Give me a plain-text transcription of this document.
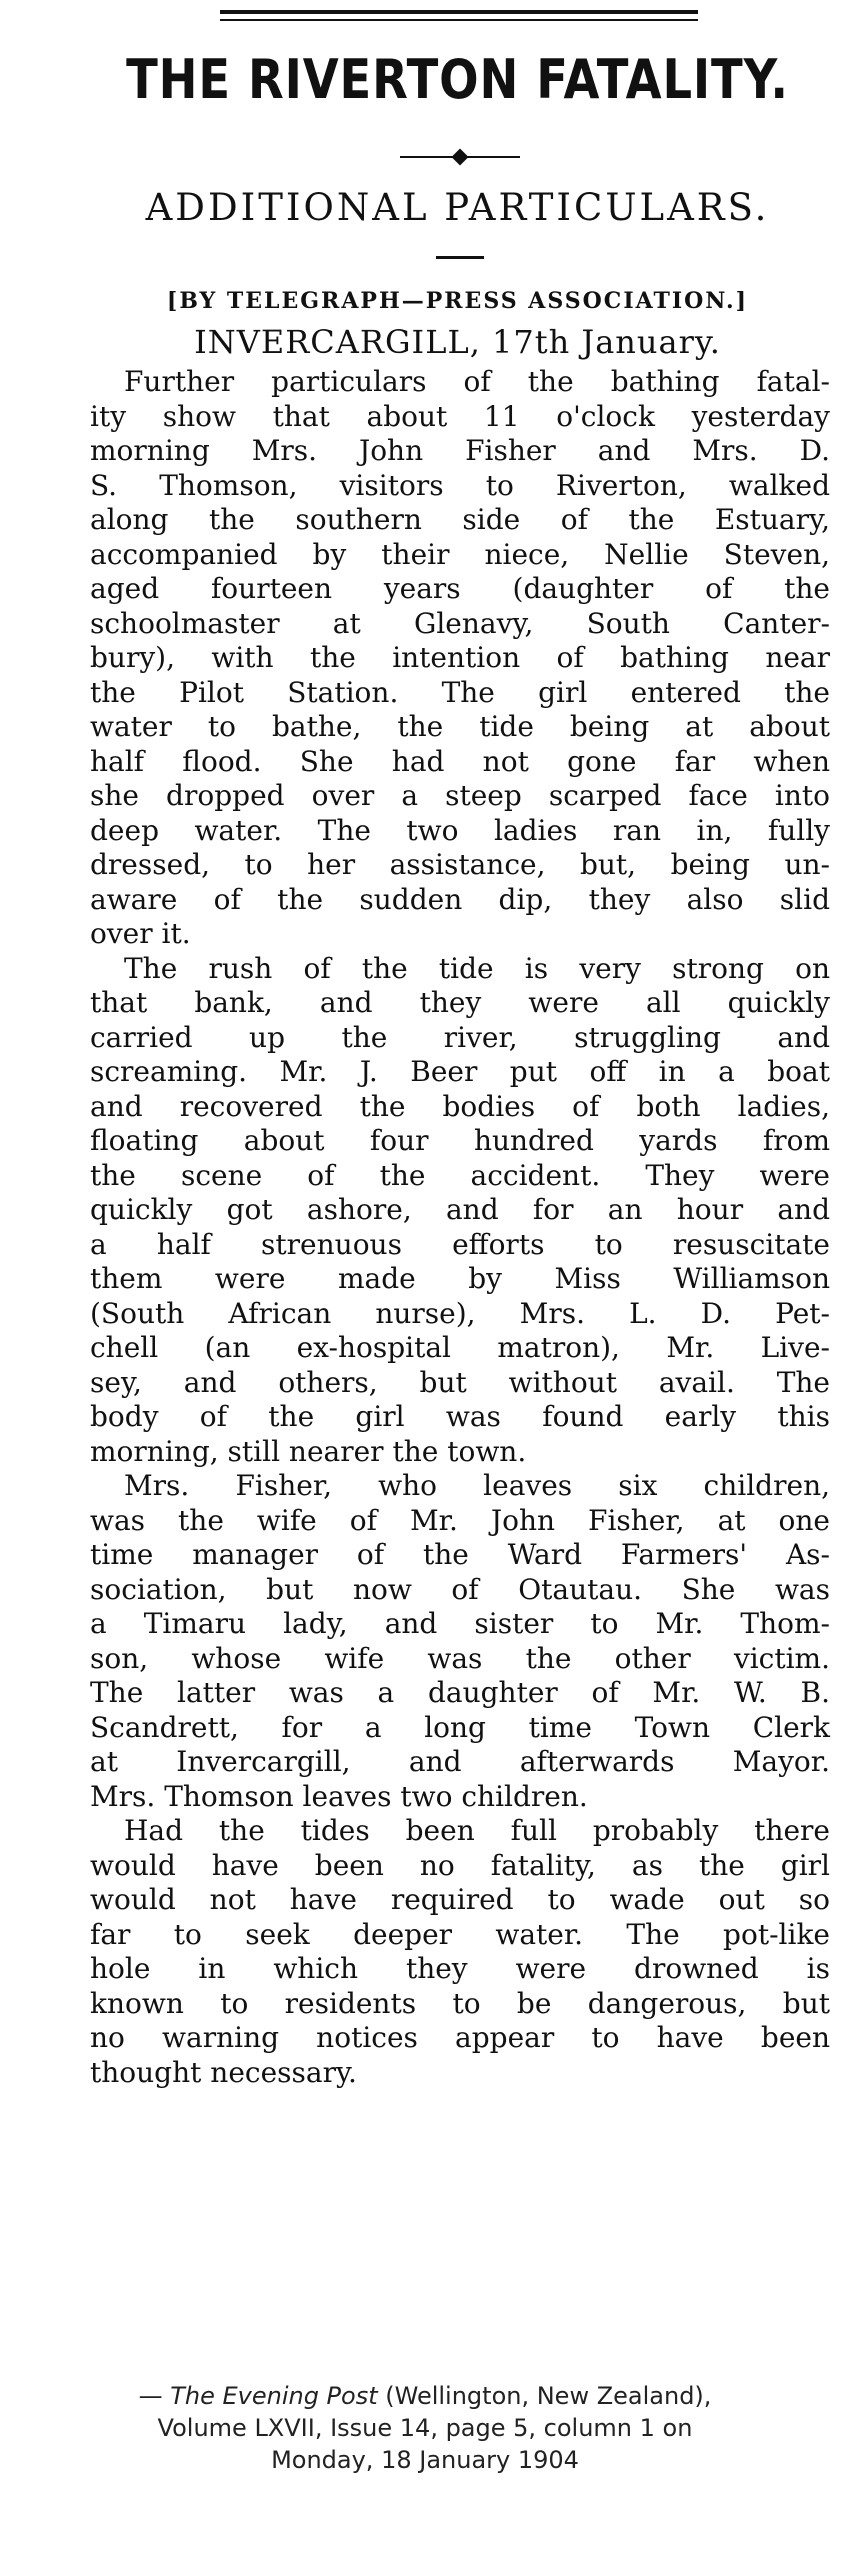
THE RIVERTON FATALITY.
ADDITIONAL PARTICULARS.
[BY TELEGRAPH—PRESS ASSOCIATION.]
INVERCARGILL, 17th January.
Further particulars of the bathing fatal-
ity show that about 11 o'clock yesterday
morning Mrs. John Fisher and Mrs. D.
S. Thomson, visitors to Riverton, walked
along the southern side of the Estuary,
accompanied by their niece, Nellie Steven,
aged fourteen years (daughter of the
schoolmaster at Glenavy, South Canter-
bury), with the intention of bathing near
the Pilot Station. The girl entered the
water to bathe, the tide being at about
half flood. She had not gone far when
she dropped over a steep scarped face into
deep water. The two ladies ran in, fully
dressed, to her assistance, but, being un-
aware of the sudden dip, they also slid
over it.
The rush of the tide is very strong on
that bank, and they were all quickly
carried up the river, struggling and
screaming. Mr. J. Beer put off in a boat
and recovered the bodies of both ladies,
floating about four hundred yards from
the scene of the accident. They were
quickly got ashore, and for an hour and
a half strenuous efforts to resuscitate
them were made by Miss Williamson
(South African nurse), Mrs. L. D. Pet-
chell (an ex-hospital matron), Mr. Live-
sey, and others, but without avail. The
body of the girl was found early this
morning, still nearer the town.
Mrs. Fisher, who leaves six children,
was the wife of Mr. John Fisher, at one
time manager of the Ward Farmers' As-
sociation, but now of Otautau. She was
a Timaru lady, and sister to Mr. Thom-
son, whose wife was the other victim.
The latter was a daughter of Mr. W. B.
Scandrett, for a long time Town Clerk
at Invercargill, and afterwards Mayor.
Mrs. Thomson leaves two children.
Had the tides been full probably there
would have been no fatality, as the girl
would not have required to wade out so
far to seek deeper water. The pot-like
hole in which they were drowned is
known to residents to be dangerous, but
no warning notices appear to have been
thought necessary.
— The Evening Post (Wellington, New Zealand),
Volume LXVII, Issue 14, page 5, column 1 on
Monday, 18 January 1904
